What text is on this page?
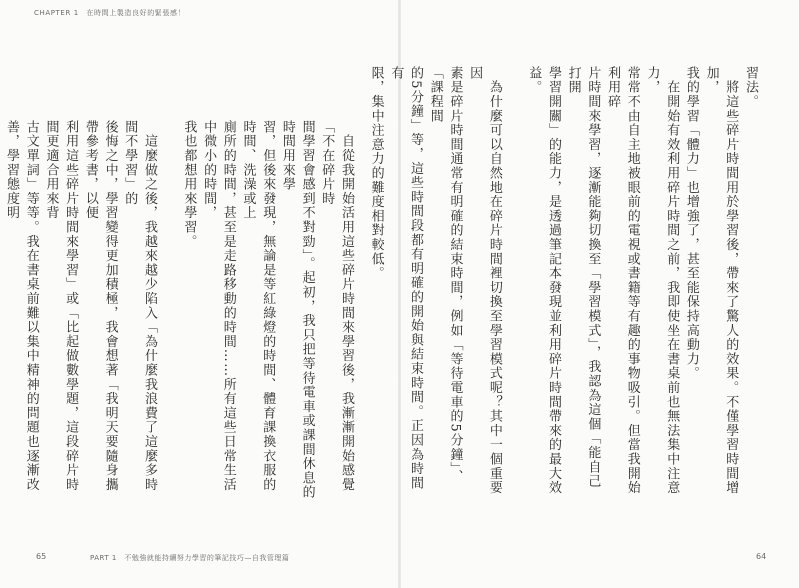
CHAPTER 1　在時間上製造良好的緊張感！

習法。

　將這些碎片時間用於學習後，帶來了驚人的效果。不僅學習時間增加，

我的學習「體力」也增強了，甚至能保持高動力。

　在開始有效利用碎片時間之前，我即使坐在書桌前也無法集中注意力，

常常不由自主地被眼前的電視或書籍等有趣的事物吸引。但當我開始利用碎

片時間來學習，逐漸能夠切換至「學習模式」，我認為這個「能自己打開

學習開關」的能力，是透過筆記本發現並利用碎片時間帶來的最大效益。

　為什麼可以自然地在碎片時間裡切換至學習模式呢？其中一個重要因

素是碎片時間通常有明確的結束時間，例如「等待電車的5分鐘」、「課程間

的5分鐘」等，這些時間段都有明確的開始與結束時間。正因為時間有

限，集中注意力的難度相對較低。

　自從我開始活用這些碎片時間來學習後，我漸漸開始感覺「不在碎片時

間學習會感到不對勁」。起初，我只把等待電車或課間休息的時間用來學

習，但後來發現，無論是等紅綠燈的時間、體育課換衣服的時間、洗澡或上

廁所的時間，甚至是走路移動的時間……所有這些日常生活中微小的時間，

我也都想用來學習。

　這麼做之後，我越來越少陷入「為什麼我浪費了這麼多時間不學習」的

後悔之中，學習變得更加積極，我會想著「我明天要隨身攜帶參考書，以便

利用這些碎片時間來學習」或「比起做數學題，這段碎片時間更適合用來背

古文單詞」等等。我在書桌前難以集中精神的問題也逐漸改善，學習態度明

65	PART 1　不勉強就能持續努力學習的筆記技巧—自我管理篇	64
